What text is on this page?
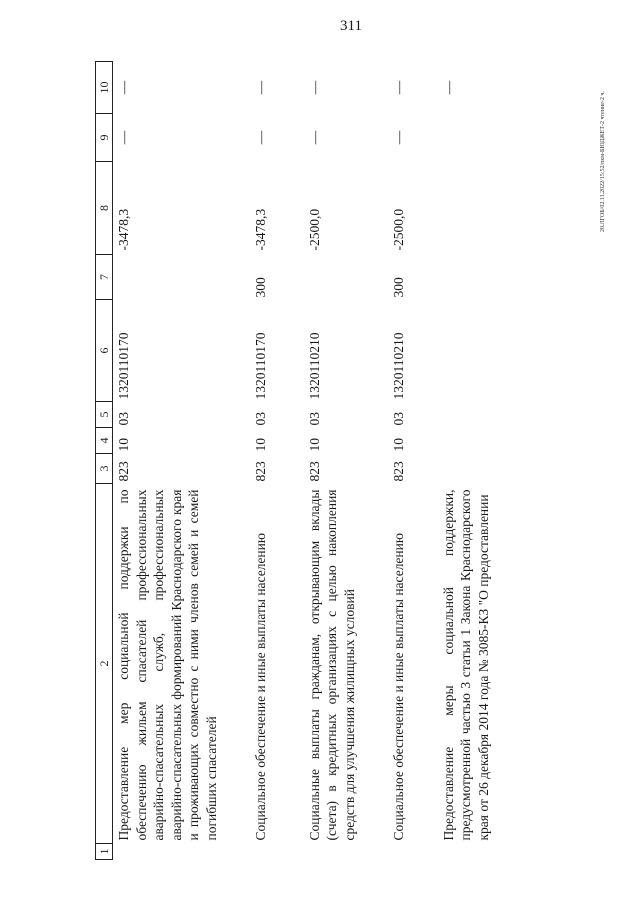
311
20.ЛГОБ/02.11.2022/15:52/пкм-БЮДЖЕТ-2 чтение-2 ч.
1	2	3	4	5	6	7	8	9	10
	Предоставление мер социальной поддержки по обеспечению жильем спасателей профессиональных аварийно-спасательных служб, профессиональных аварийно-спасательных формирований Краснодарского края и проживающих совместно с ними членов семей и семей погибших спасателей	823	10	03	1320110170		-3478,3	—	—

	Социальное обеспечение и иные выплаты населению	823	10	03	1320110170	300	-3478,3	—	—

	Социальные выплаты гражданам, открывающим вклады (счета) в кредитных организациях с целью накопления средств для улучшения жилищных условий	823	10	03	1320110210		-2500,0	—	—

	Социальное обеспечение и иные выплаты населению	823	10	03	1320110210	300	-2500,0	—	—

	Предоставление меры социальной поддержки, предусмотренной частью 3 статьи 1 Закона Краснодарского края от 26 декабря 2014 года № 3085-КЗ "О предоставлении								—
